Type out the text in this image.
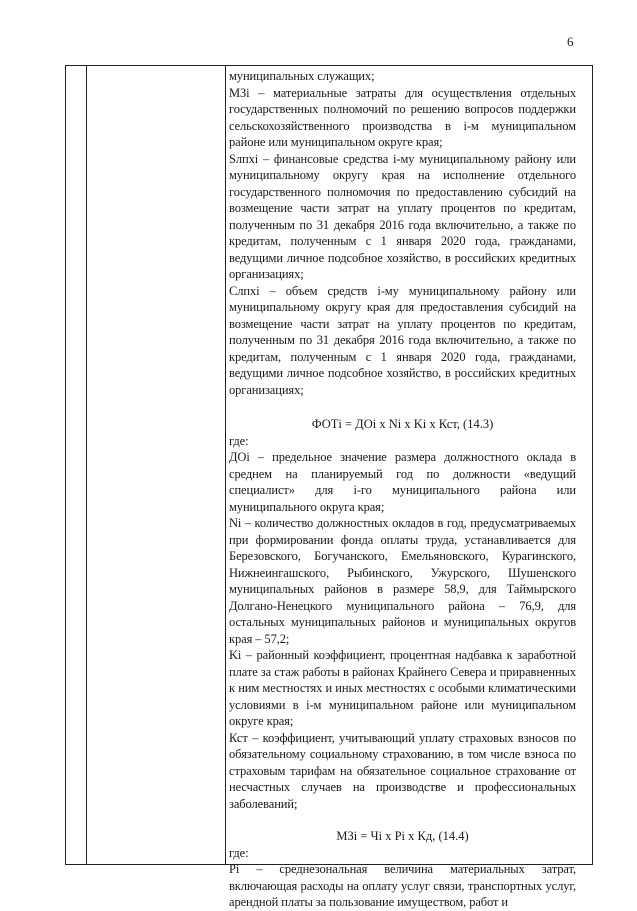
6

муниципальных служащих;

МЗi – материальные затраты для осуществления отдельных государственных полномочий по решению вопросов поддержки сельскохозяйственного производства в i-м муниципальном районе или муниципальном округе края;

Sлпхi – финансовые средства i-му муниципальному району или муниципальному округу края на исполнение отдельного государственного полномочия по предоставлению субсидий на возмещение части затрат на уплату процентов по кредитам, полученным по 31 декабря 2016 года включительно, а также по кредитам, полученным с 1 января 2020 года, гражданами, ведущими личное подсобное хозяйство, в российских кредитных организациях;

Cлпхi – объем средств i-му муниципальному району или муниципальному округу края для предоставления субсидий на возмещение части затрат на уплату процентов по кредитам, полученным по 31 декабря 2016 года включительно, а также по кредитам, полученным с 1 января 2020 года, гражданами, ведущими личное подсобное хозяйство, в российских кредитных организациях;

ФОТi = ДОi x Ni x Ki x Кст, (14.3)

где:

ДОi – предельное значение размера должностного оклада в среднем на планируемый год по должности «ведущий специалист» для i-го муниципального района или муниципального округа края;

Ni – количество должностных окладов в год, предусматриваемых при формировании фонда оплаты труда, устанавливается для Березовского, Богучанского, Емельяновского, Курагинского, Нижнеингашского, Рыбинского, Ужурского, Шушенского муниципальных районов в размере 58,9, для Таймырского Долгано-Ненецкого муниципального района – 76,9, для остальных муниципальных районов и муниципальных округов края – 57,2;

Ki – районный коэффициент, процентная надбавка к заработной плате за стаж работы в районах Крайнего Севера и приравненных к ним местностях и иных местностях с особыми климатическими условиями в i-м муниципальном районе или муниципальном округе края;

Кст – коэффициент, учитывающий уплату страховых взносов по обязательному социальному страхованию, в том числе взноса по страховым тарифам на обязательное социальное страхование от несчастных случаев на производстве и профессиональных заболеваний;

МЗi = Чi x Pi x Кд, (14.4)

где:

Pi – среднезональная величина материальных затрат, включающая расходы на оплату услуг связи, транспортных услуг, арендной платы за пользование имуществом, работ и
